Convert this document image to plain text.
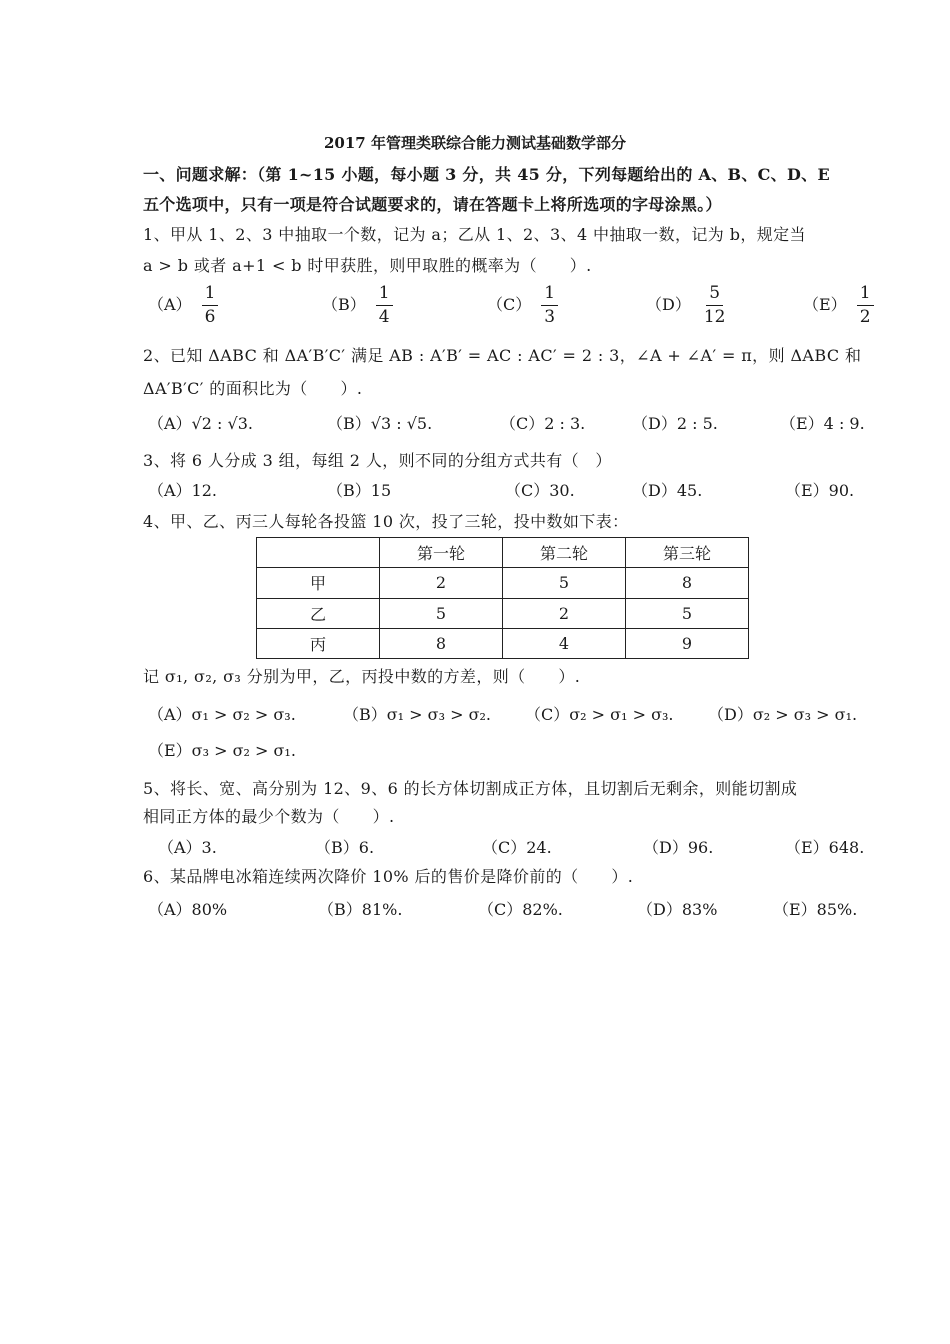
2017 年管理类联综合能力测试基础数学部分
一、问题求解：（第 1~15 小题，每小题 3 分，共 45 分，下列每题给出的 A、B、C、D、E
五个选项中，只有一项是符合试题要求的，请在答题卡上将所选项的字母涂黑。）
1、甲从 1、2、3 中抽取一个数，记为 a；乙从 1、2、3、4 中抽取一数，记为 b，规定当
a > b 或者 a+1 < b 时甲获胜，则甲取胜的概率为（　　）.
$(A) \frac{1}{6}$	$(B) \frac{1}{4}$	$(C) \frac{1}{3}$	$(D) \frac{5}{12}$	$(E) \frac{1}{2}$
2、已知 ΔABC 和 ΔA′B′C′ 满足 AB : A′B′ = AC : AC′ = 2 : 3，∠A + ∠A′ = π，则 ΔABC 和
ΔA′B′C′ 的面积比为（　　）.
（A）√2 : √3.	（B）√3 : √5.	（C）2 : 3.	（D）2 : 5.	（E）4 : 9.
3、将 6 人分成 3 组，每组 2 人，则不同的分组方式共有（　）
（A）12.	（B）15	（C）30.	（D）45.	（E）90.
4、甲、乙、丙三人每轮各投篮 10 次，投了三轮，投中数如下表：
	第一轮	第二轮	第三轮
甲	2	5	8
乙	5	2	5
丙	8	4	9
记 σ₁, σ₂, σ₃ 分别为甲，乙，丙投中数的方差，则（　　）.
（A）σ₁ > σ₂ > σ₃.	（B）σ₁ > σ₃ > σ₂. （C）σ₂ > σ₁ > σ₃. （D）σ₂ > σ₃ > σ₁.
（E）σ₃ > σ₂ > σ₁.
5、将长、宽、高分别为 12、9、6 的长方体切割成正方体，且切割后无剩余，则能切割成
相同正方体的最少个数为（　　）.
（A）3.	（B）6.	（C）24.	（D）96.	（E）648.
6、某品牌电冰箱连续两次降价 10% 后的售价是降价前的（　　）.
（A）80%	（B）81%.	（C）82%.	（D）83%	（E）85%.
